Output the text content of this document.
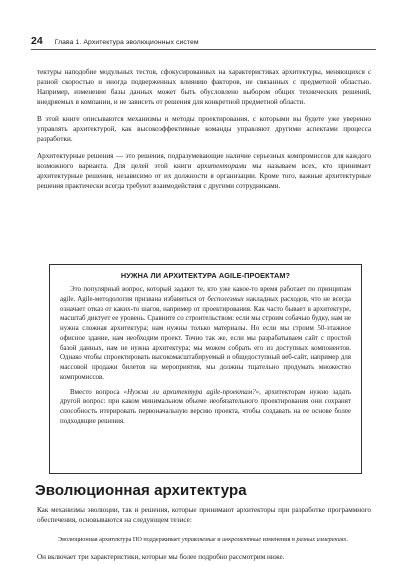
24	Глава 1. Архитектура эволюционных систем

тектуры наподобие модульных тестов, сфокусированных на характеристиках архитектуры, меняющихся с разной скоростью и иногда подверженных влиянию факторов, не связанных с предметной областью. Например, изменение базы данных может быть обусловлено выбором общих технических решений, внедряемых в компании, и не зависеть от решения для конкретной предметной области.

В этой книге описываются механизмы и методы проектирования, с которыми вы будете уже уверенно управлять архитектурой, как высокоэффективные команды управляют другими аспектами процесса разработки.

Архитектурные решения — это решения, подразумевающие наличие серьезных компромиссов для каждого возможного варианта. Для целей этой книги архитекторами мы называем всех, кто принимает архитектурные решения, независимо от их должности в организации. Кроме того, важные архитектурные решения практически всегда требуют взаимодействия с другими сотрудниками.

НУЖНА ЛИ АРХИТЕКТУРА AGILE-ПРОЕКТАМ?

Это популярный вопрос, который задают те, кто уже какое-то время работает по принципам agile. Agile-методология призвана избавиться от бесполезных накладных расходов, что не всегда означает отказ от каких-то шагов, например от проектирования. Как часто бывает в архитектуре, масштаб диктует ее уровень. Сравните со строительством: если мы строим собачью будку, нам не нужна сложная архитектура; нам нужны только материалы. Но если мы строим 50-этажное офисное здание, нам необходим проект. Точно так же, если мы разрабатываем сайт с простой базой данных, нам не нужна архитектура; мы можем собрать его из доступных компонентов. Однако чтобы спроектировать высокомасштабируемый и общедоступный веб-сайт, например для массовой продажи билетов на мероприятия, мы должны тщательно продумать множество компромиссов.

Вместо вопроса «Нужна ли архитектура agile-проектам?», архитекторам нужно задать другой вопрос: при каком минимальном объеме необязательного проектирования они сохранят способность итерировать первоначальную версию проекта, чтобы создавать на ее основе более подходящие решения.

Эволюционная архитектура

Как механизмы эволюции, так и решения, которые принимают архитекторы при разработке программного обеспечения, основываются на следующем тезисе:

Эволюционная архитектура ПО поддерживает управляемые и инкрементные изменения в разных измерениях.

Он включает три характеристики, которые мы более подробно рассмотрим ниже.
